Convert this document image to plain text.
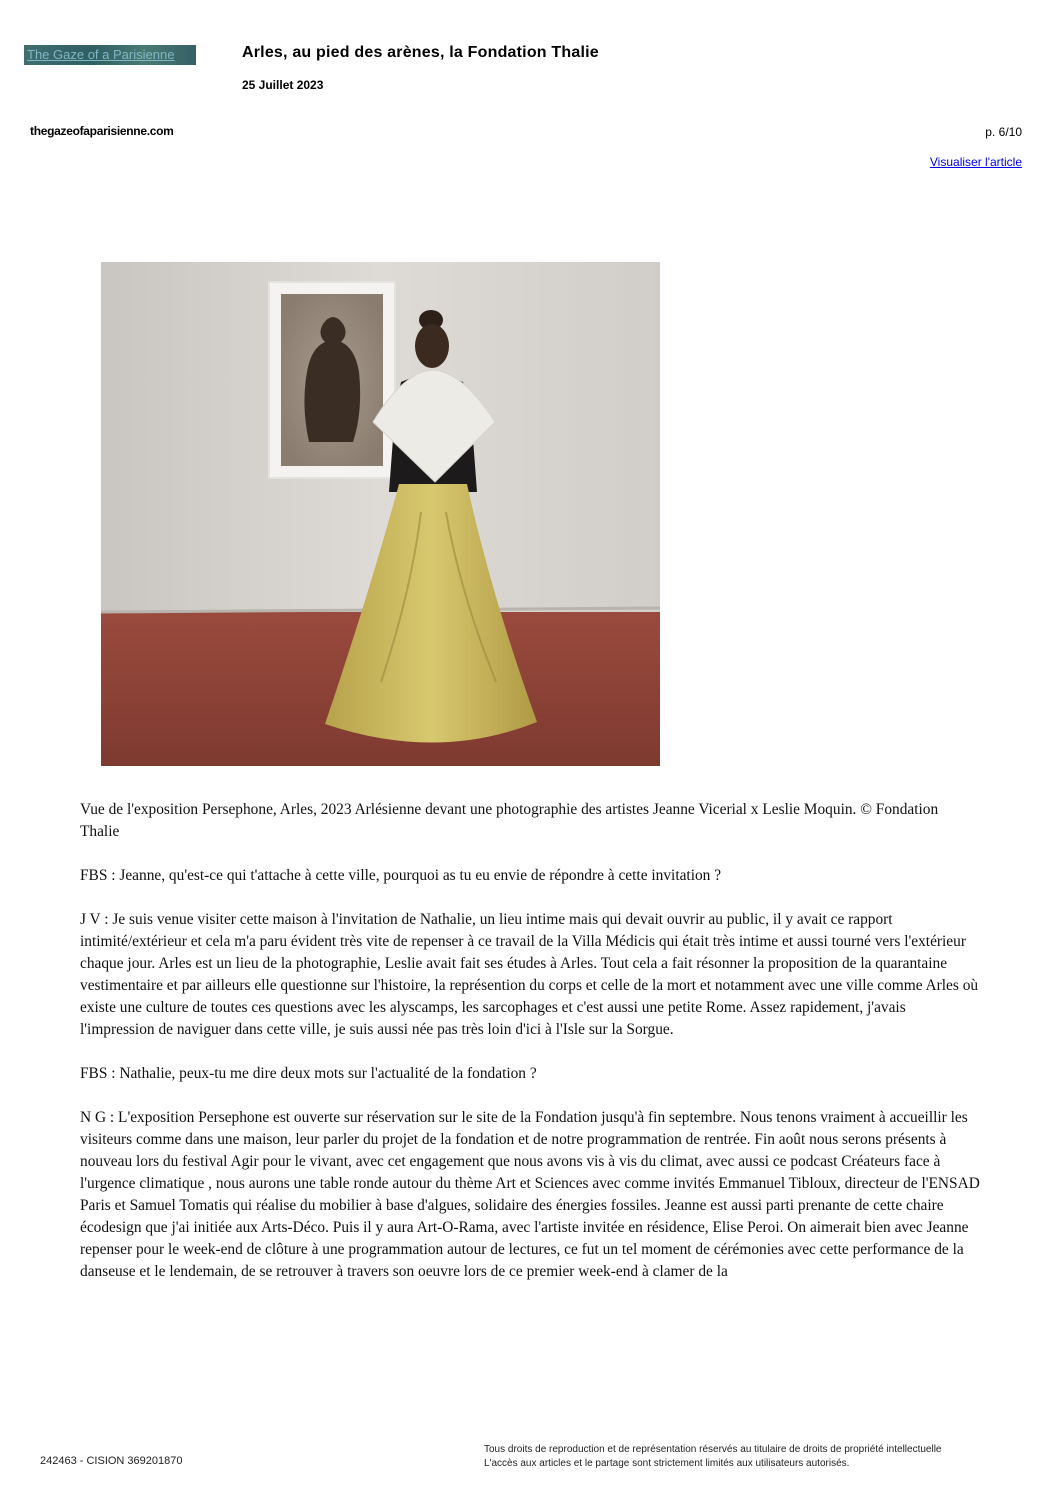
The Gaze of a Parisienne	Arles, au pied des arènes, la Fondation Thalie
25 Juillet 2023
thegazeofaparisienne.com	p. 6/10
Visualiser l'article

Vue de l'exposition Persephone, Arles, 2023 Arlésienne devant une photographie des artistes Jeanne Vicerial x Leslie Moquin. © Fondation Thalie

FBS : Jeanne, qu'est-ce qui t'attache à cette ville, pourquoi as tu eu envie de répondre à cette invitation ?

J V : Je suis venue visiter cette maison à l'invitation de Nathalie, un lieu intime mais qui devait ouvrir au public, il y avait ce rapport intimité/extérieur et cela m'a paru évident très vite de repenser à ce travail de la Villa Médicis qui était très intime et aussi tourné vers l'extérieur chaque jour. Arles est un lieu de la photographie, Leslie avait fait ses études à Arles. Tout cela a fait résonner la proposition de la quarantaine vestimentaire et par ailleurs elle questionne sur l'histoire, la représention du corps et celle de la mort et notamment avec une ville comme Arles où existe une culture de toutes ces questions avec les alyscamps, les sarcophages et c'est aussi une petite Rome. Assez rapidement, j'avais l'impression de naviguer dans cette ville, je suis aussi née pas très loin d'ici à l'Isle sur la Sorgue.

FBS : Nathalie, peux-tu me dire deux mots sur l'actualité de la fondation ?

N G : L'exposition Persephone est ouverte sur réservation sur le site de la Fondation jusqu'à fin septembre. Nous tenons vraiment à accueillir les visiteurs comme dans une maison, leur parler du projet de la fondation et de notre programmation de rentrée. Fin août nous serons présents à nouveau lors du festival Agir pour le vivant, avec cet engagement que nous avons vis à vis du climat, avec aussi ce podcast Créateurs face à l'urgence climatique , nous aurons une table ronde autour du thème Art et Sciences avec comme invités Emmanuel Tibloux, directeur de l'ENSAD Paris et Samuel Tomatis qui réalise du mobilier à base d'algues, solidaire des énergies fossiles. Jeanne est aussi parti prenante de cette chaire écodesign que j'ai initiée aux Arts-Déco. Puis il y aura Art-O-Rama, avec l'artiste invitée en résidence, Elise Peroi. On aimerait bien avec Jeanne repenser pour le week-end de clôture à une programmation autour de lectures, ce fut un tel moment de cérémonies avec cette performance de la danseuse et le lendemain, de se retrouver à travers son oeuvre lors de ce premier week-end à clamer de la

242463 - CISION 369201870
Tous droits de reproduction et de représentation réservés au titulaire de droits de propriété intellectuelle
L'accès aux articles et le partage sont strictement limités aux utilisateurs autorisés.
